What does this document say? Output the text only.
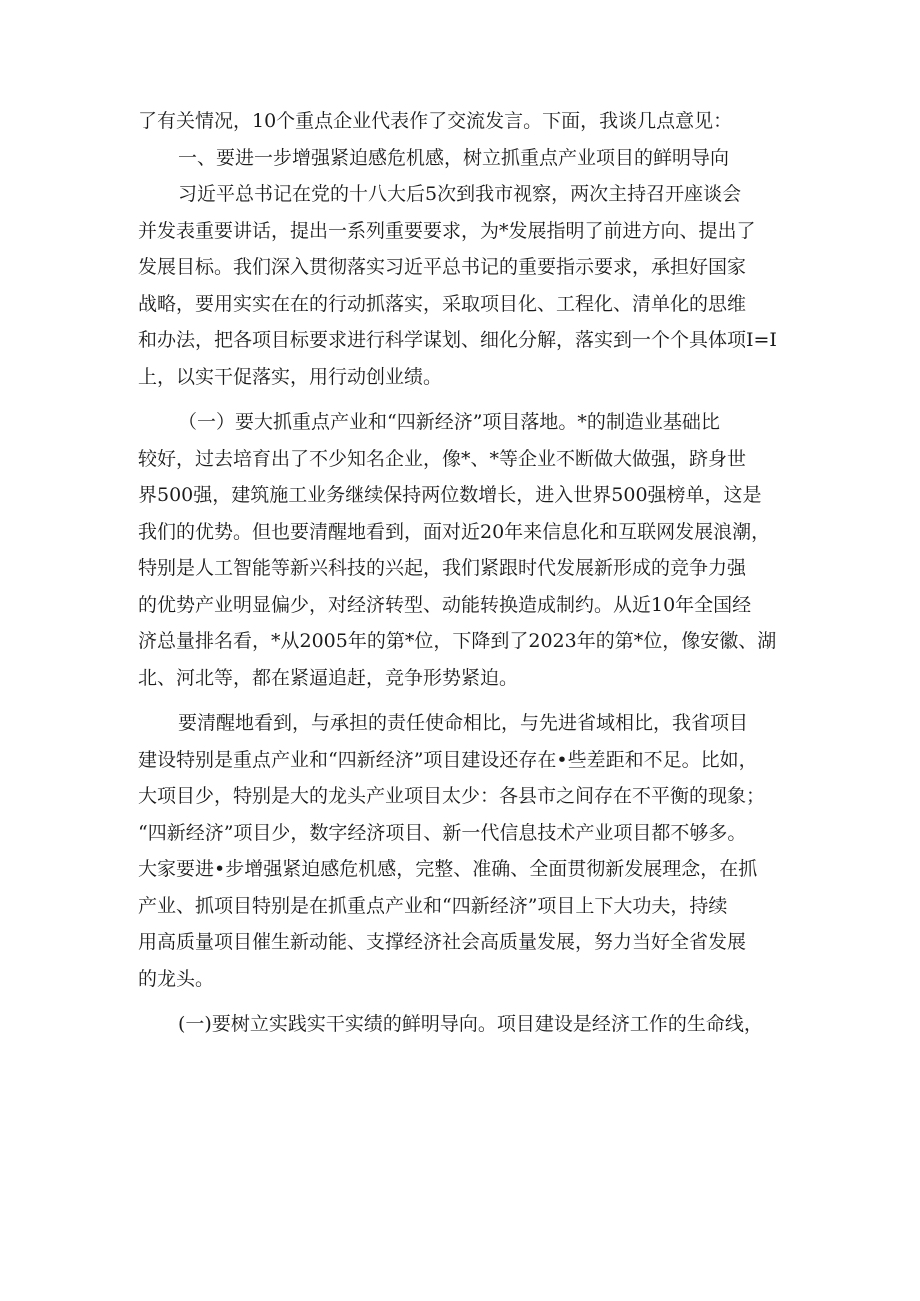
了有关情况，10个重点企业代表作了交流发言。下面，我谈几点意见：
一、要进一步增强紧迫感危机感，树立抓重点产业项目的鲜明导向
习近平总书记在党的十八大后5次到我市视察，两次主持召开座谈会
并发表重要讲话，提出一系列重要要求，为*发展指明了前进方向、提出了
发展目标。我们深入贯彻落实习近平总书记的重要指示要求，承担好国家
战略，要用实实在在的行动抓落实，采取项目化、工程化、清单化的思维
和办法，把各项目标要求进行科学谋划、细化分解，落实到一个个具体项I=I
上，以实干促落实，用行动创业绩。
（一）要大抓重点产业和“四新经济”项目落地。*的制造业基础比
较好，过去培育出了不少知名企业，像*、*等企业不断做大做强，跻身世
界500强，建筑施工业务继续保持两位数增长，进入世界500强榜单，这是
我们的优势。但也要清醒地看到，面对近20年来信息化和互联网发展浪潮，
特别是人工智能等新兴科技的兴起，我们紧跟时代发展新形成的竞争力强
的优势产业明显偏少，对经济转型、动能转换造成制约。从近10年全国经
济总量排名看，*从2005年的第*位，下降到了2023年的第*位，像安徽、湖
北、河北等，都在紧逼追赶，竞争形势紧迫。
要清醒地看到，与承担的责任使命相比，与先进省域相比，我省项目
建设特别是重点产业和“四新经济”项目建设还存在•些差距和不足。比如，
大项目少，特别是大的龙头产业项目太少：各县市之间存在不平衡的现象；
“四新经济”项目少，数字经济项目、新一代信息技术产业项目都不够多。
大家要进•步增强紧迫感危机感，完整、准确、全面贯彻新发展理念，在抓
产业、抓项目特别是在抓重点产业和“四新经济”项目上下大功夫，持续
用高质量项目催生新动能、支撑经济社会高质量发展，努力当好全省发展
的龙头。
(一)要树立实践实干实绩的鲜明导向。项目建设是经济工作的生命线，
